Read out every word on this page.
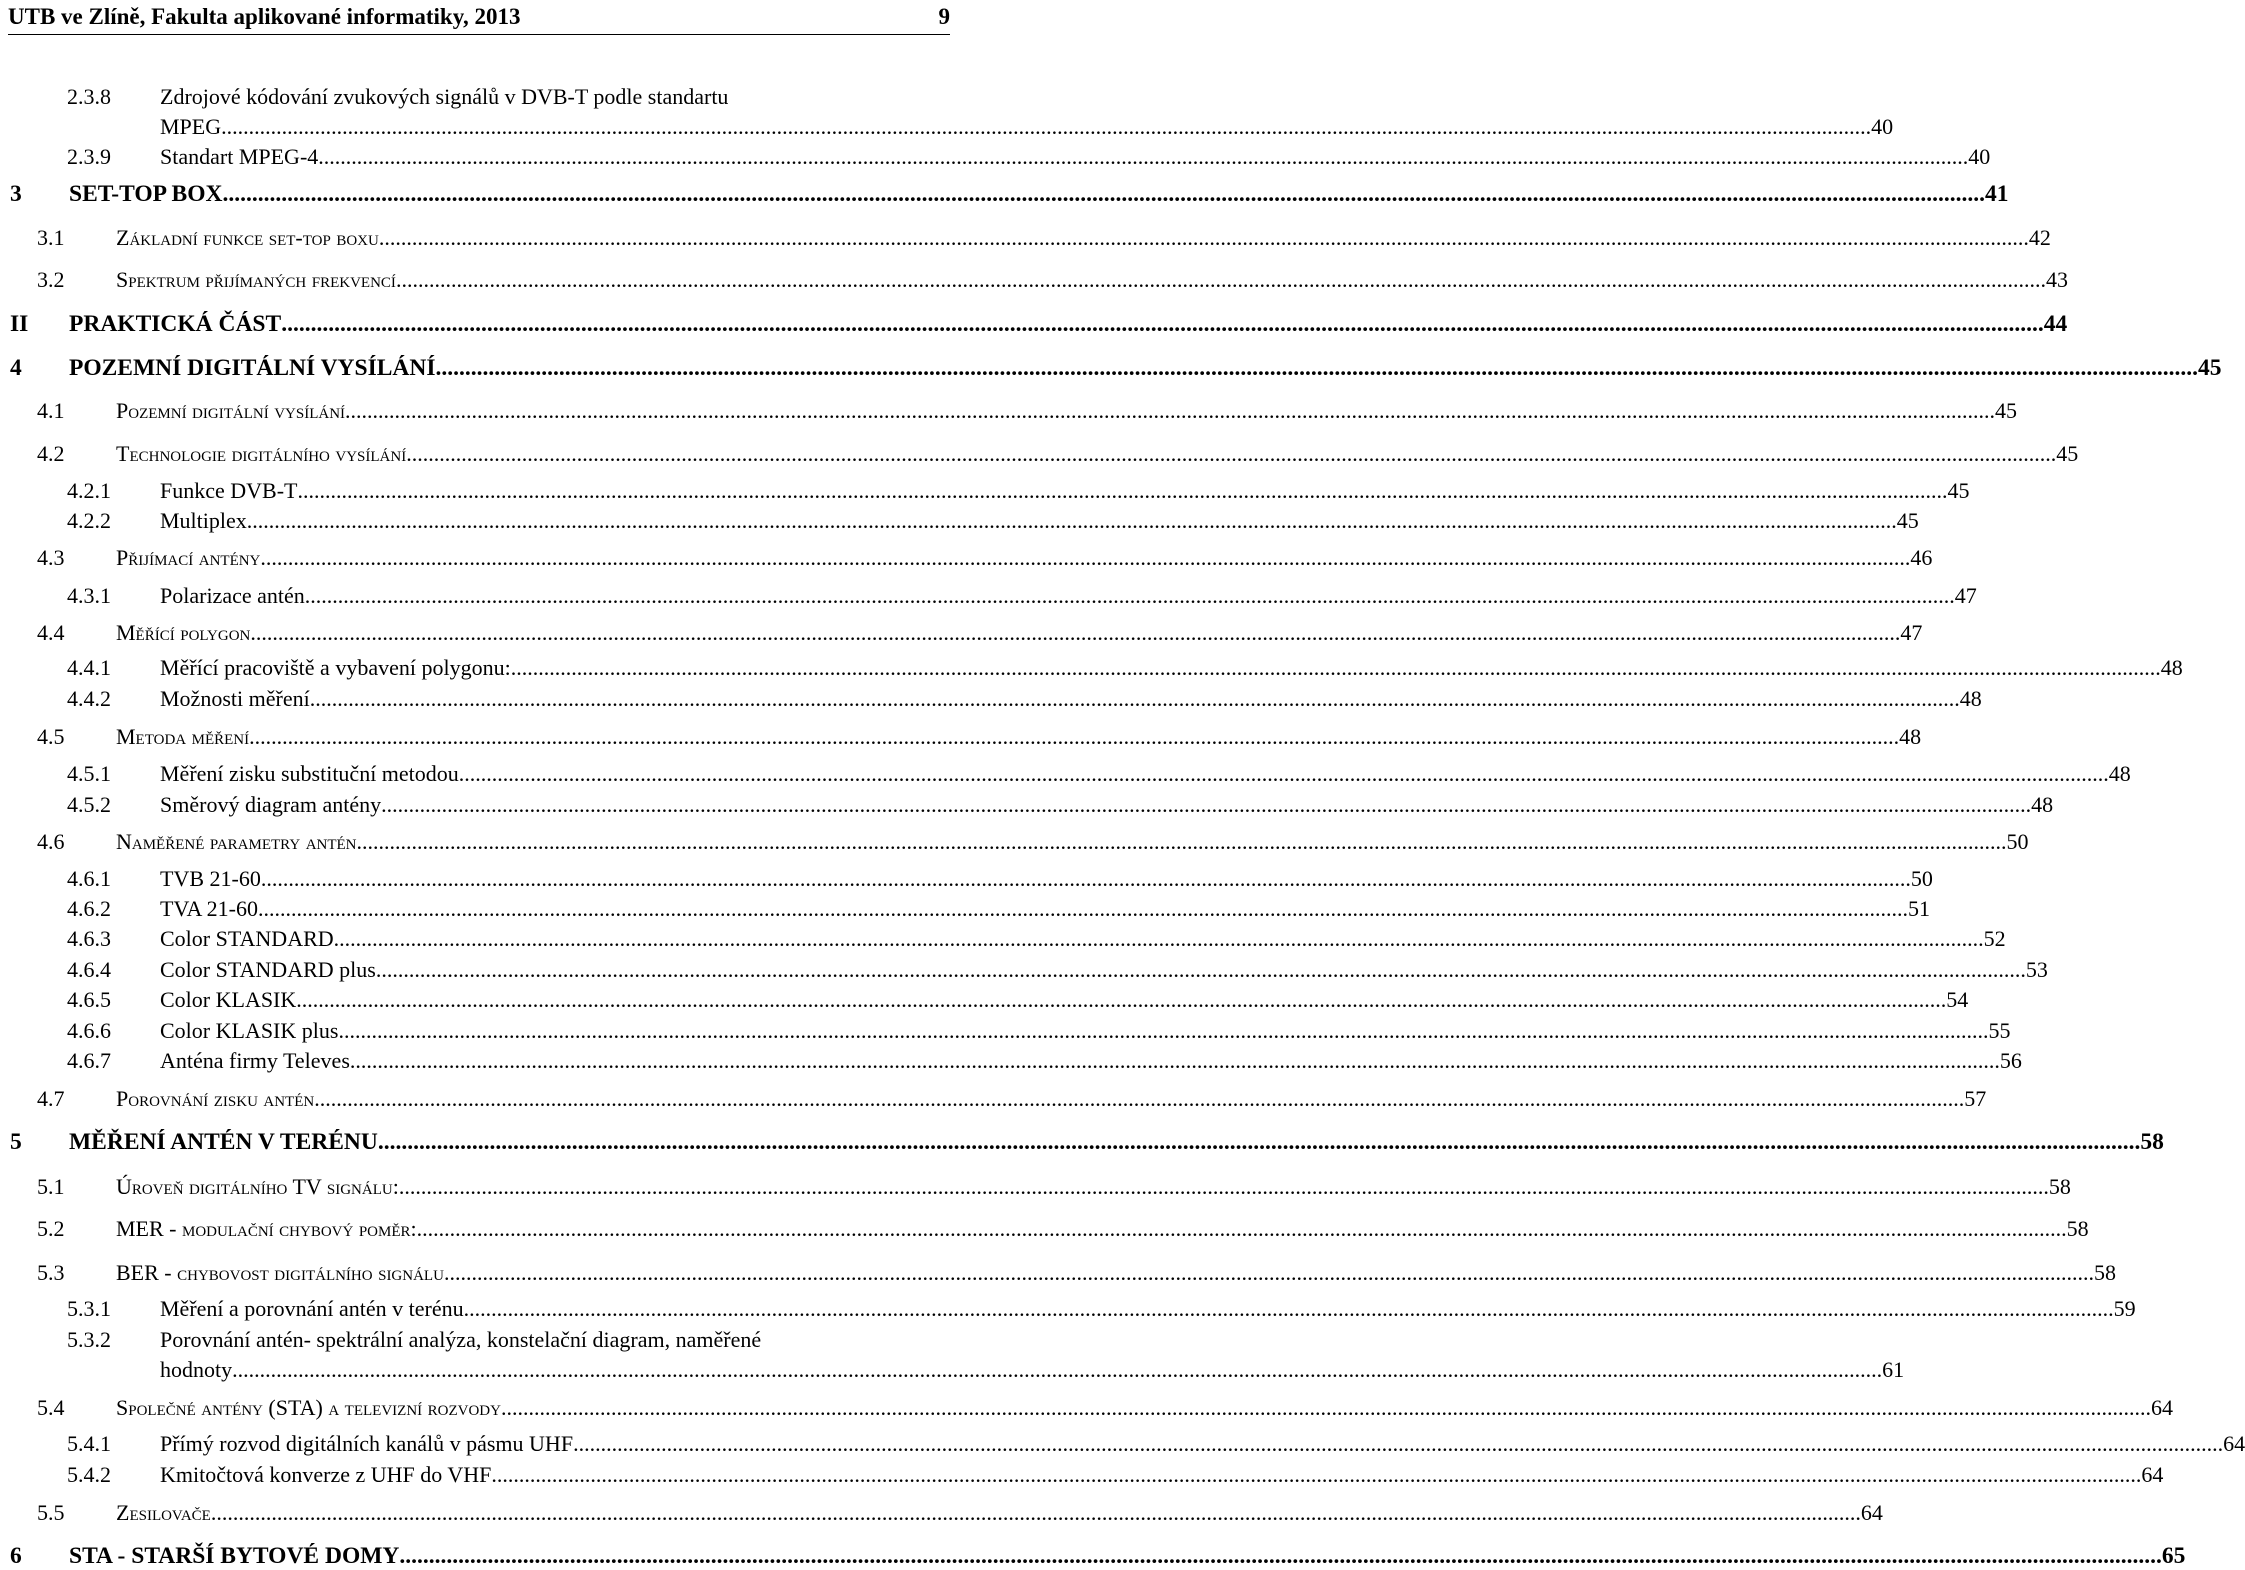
UTB ve Zlíně, Fakulta aplikované informatiky, 2013	9
2.3.8 Zdrojové kódování zvukových signálů v DVB-T podle standartu
MPEG ............................................................................................................................................................................................................................................................................................................ 40
2.3.9 Standart MPEG-4 ............................................................................................................................................................................................................................................................................................................ 40
3 SET-TOP BOX ............................................................................................................................................................................................................................................................................................................ 41
3.1 Základní funkce set-top boxu ............................................................................................................................................................................................................................................................................................................ 42
3.2 Spektrum přijímaných frekvencí ............................................................................................................................................................................................................................................................................................................ 43
II PRAKTICKÁ ČÁST ............................................................................................................................................................................................................................................................................................................ 44
4 POZEMNÍ DIGITÁLNÍ VYSÍLÁNÍ ............................................................................................................................................................................................................................................................................................................ 45
4.1 Pozemní digitální vysílání ............................................................................................................................................................................................................................................................................................................ 45
4.2 Technologie digitálního vysílání ............................................................................................................................................................................................................................................................................................................ 45
4.2.1 Funkce DVB-T ............................................................................................................................................................................................................................................................................................................ 45
4.2.2 Multiplex ............................................................................................................................................................................................................................................................................................................ 45
4.3 Přijímací antény ............................................................................................................................................................................................................................................................................................................ 46
4.3.1 Polarizace antén ............................................................................................................................................................................................................................................................................................................ 47
4.4 Měřící polygon ............................................................................................................................................................................................................................................................................................................ 47
4.4.1 Měřící pracoviště a vybavení polygonu: ............................................................................................................................................................................................................................................................................................................ 48
4.4.2 Možnosti měření ............................................................................................................................................................................................................................................................................................................ 48
4.5 Metoda měření ............................................................................................................................................................................................................................................................................................................ 48
4.5.1 Měření zisku substituční metodou ............................................................................................................................................................................................................................................................................................................ 48
4.5.2 Směrový diagram antény ............................................................................................................................................................................................................................................................................................................ 48
4.6 Naměřené parametry antén ............................................................................................................................................................................................................................................................................................................ 50
4.6.1 TVB 21-60 ............................................................................................................................................................................................................................................................................................................ 50
4.6.2 TVA 21-60 ............................................................................................................................................................................................................................................................................................................ 51
4.6.3 Color STANDARD ............................................................................................................................................................................................................................................................................................................ 52
4.6.4 Color STANDARD plus ............................................................................................................................................................................................................................................................................................................ 53
4.6.5 Color KLASIK ............................................................................................................................................................................................................................................................................................................ 54
4.6.6 Color KLASIK plus ............................................................................................................................................................................................................................................................................................................ 55
4.6.7 Anténa firmy Televes ............................................................................................................................................................................................................................................................................................................ 56
4.7 Porovnání zisku antén ............................................................................................................................................................................................................................................................................................................ 57
5 MĚŘENÍ ANTÉN V TERÉNU ............................................................................................................................................................................................................................................................................................................ 58
5.1 Úroveň digitálního TV signálu: ............................................................................................................................................................................................................................................................................................................ 58
5.2 MER - modulační chybový poměr: ............................................................................................................................................................................................................................................................................................................ 58
5.3 BER - chybovost digitálního signálu ............................................................................................................................................................................................................................................................................................................ 58
5.3.1 Měření a porovnání antén v terénu ............................................................................................................................................................................................................................................................................................................ 59
5.3.2 Porovnání antén- spektrální analýza, konstelační diagram, naměřené
hodnoty ............................................................................................................................................................................................................................................................................................................ 61
5.4 Společné antény (STA) a televizní rozvody ............................................................................................................................................................................................................................................................................................................ 64
5.4.1 Přímý rozvod digitálních kanálů v pásmu UHF ............................................................................................................................................................................................................................................................................................................ 64
5.4.2 Kmitočtová konverze z UHF do VHF ............................................................................................................................................................................................................................................................................................................ 64
5.5 Zesilovače ............................................................................................................................................................................................................................................................................................................ 64
6 STA - STARŠÍ BYTOVÉ DOMY ............................................................................................................................................................................................................................................................................................................ 65
